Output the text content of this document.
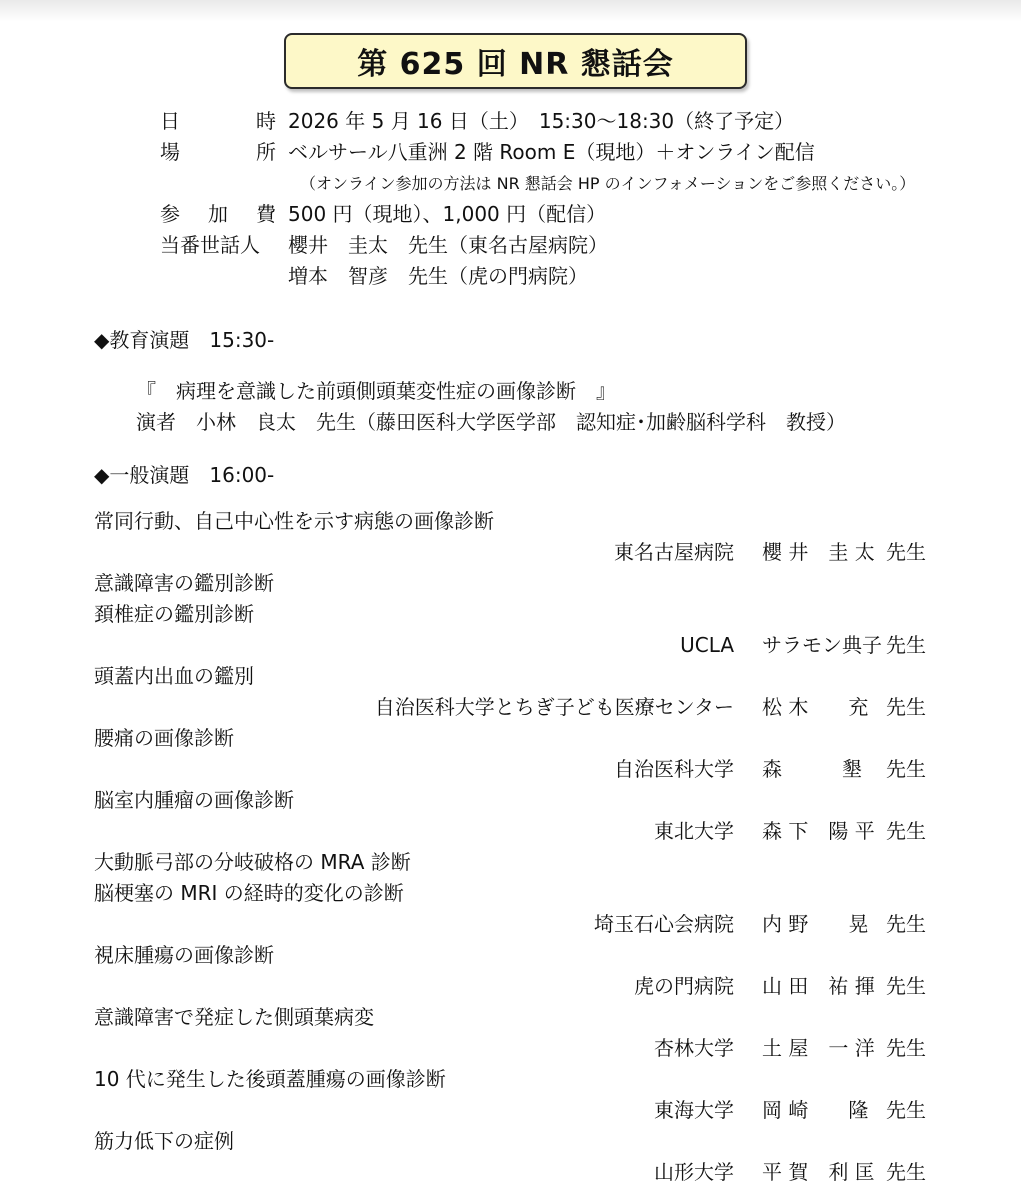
第 625 回 NR 懇話会
日	時 2026 年 5 月 16 日（土）　15:30～18:30（終了予定）
場	所 ベルサール八重洲 2 階 Room E（現地）＋オンライン配信
（オンライン参加の方法は NR 懇話会 HP のインフォメーションをご参照ください。）
参 加 費 500 円（現地）、1,000 円（配信）
当番世話人 櫻井　圭太　先生（東名古屋病院）
増本　智彦　先生（虎の門病院）
◆教育演題　15:30-
『　病理を意識した前頭側頭葉変性症の画像診断　』
演者　小林　良太　先生（藤田医科大学医学部　認知症･加齢脳科学科　教授）
◆一般演題　16:00-
常同行動、自己中心性を示す病態の画像診断
東名古屋病院 櫻 井　圭 太 先生
意識障害の鑑別診断
頚椎症の鑑別診断
UCLA サラモン典子 先生
頭蓋内出血の鑑別
自治医科大学とちぎ子ども医療センター 松 木　　充 先生
腰痛の画像診断
自治医科大学 森　　　墾	先生
脳室内腫瘤の画像診断
東北大学 森 下　陽 平 先生
大動脈弓部の分岐破格の MRA 診断
脳梗塞の MRI の経時的変化の診断
埼玉石心会病院 内 野　　晃 先生
視床腫瘍の画像診断
虎の門病院 山 田　祐 揮 先生
意識障害で発症した側頭葉病変
杏林大学 土 屋　一 洋 先生
10 代に発生した後頭蓋腫瘍の画像診断
東海大学 岡 崎　　隆 先生
筋力低下の症例
山形大学 平 賀　利 匡 先生
